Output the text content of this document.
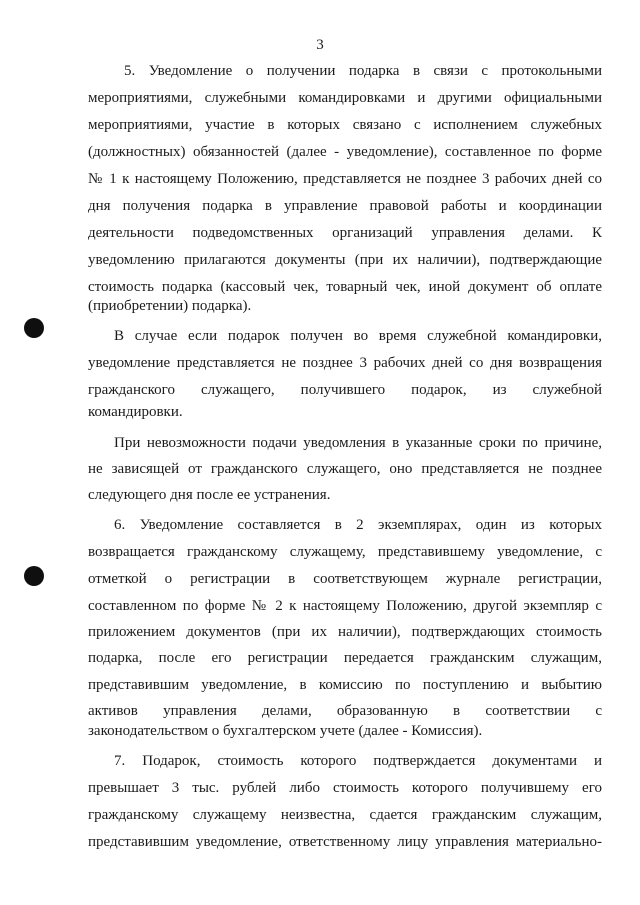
3
5. Уведомление о получении подарка в связи с протокольными
мероприятиями, служебными командировками и другими официальными
мероприятиями, участие в которых связано с исполнением служебных
(должностных) обязанностей (далее - уведомление), составленное по форме
№ 1 к настоящему Положению, представляется не позднее 3 рабочих дней со
дня получения подарка в управление правовой работы и координации
деятельности подведомственных организаций управления делами. К
уведомлению прилагаются документы (при их наличии), подтверждающие
стоимость подарка (кассовый чек, товарный чек, иной документ об оплате
(приобретении) подарка).
В случае если подарок получен во время служебной командировки,
уведомление представляется не позднее 3 рабочих дней со дня возвращения
гражданского служащего, получившего подарок, из служебной
командировки.
При невозможности подачи уведомления в указанные сроки по причине,
не зависящей от гражданского служащего, оно представляется не позднее
следующего дня после ее устранения.
6. Уведомление составляется в 2 экземплярах, один из которых
возвращается гражданскому служащему, представившему уведомление, с
отметкой о регистрации в соответствующем журнале регистрации,
составленном по форме № 2 к настоящему Положению, другой экземпляр с
приложением документов (при их наличии), подтверждающих стоимость
подарка, после его регистрации передается гражданским служащим,
представившим уведомление, в комиссию по поступлению и выбытию
активов управления делами, образованную в соответствии с
законодательством о бухгалтерском учете (далее - Комиссия).
7. Подарок, стоимость которого подтверждается документами и
превышает 3 тыс. рублей либо стоимость которого получившему его
гражданскому служащему неизвестна, сдается гражданским служащим,
представившим уведомление, ответственному лицу управления материально-
